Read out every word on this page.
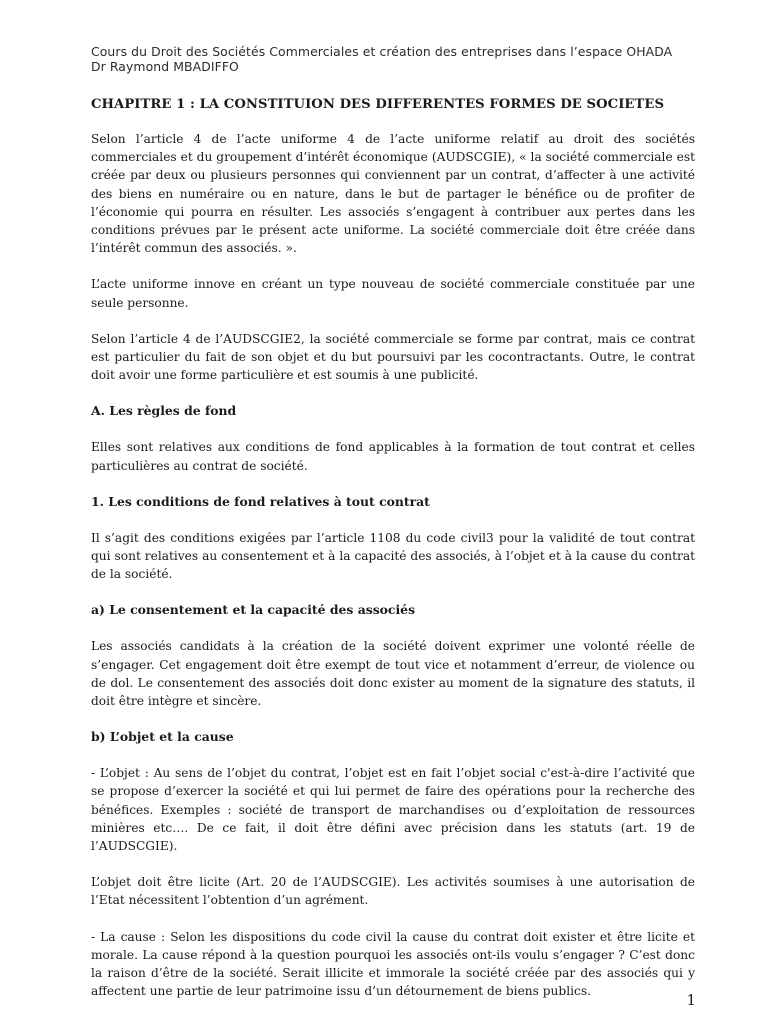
Cours du Droit des Sociétés Commerciales et création des entreprises dans l’espace OHADA
Dr Raymond MBADIFFO
CHAPITRE 1 : LA CONSTITUION DES DIFFERENTES FORMES DE SOCIETES

Selon l’article 4 de l’acte uniforme 4 de l’acte uniforme relatif au droit des sociétés commerciales et du groupement d’intérêt économique (AUDSCGIE), « la société commerciale est créée par deux ou plusieurs personnes qui conviennent par un contrat, d’affecter à une activité des biens en numéraire ou en nature, dans le but de partager le bénéfice ou de profiter de l’économie qui pourra en résulter. Les associés s’engagent à contribuer aux pertes dans les conditions prévues par le présent acte uniforme. La société commerciale doit être créée dans l’intérêt commun des associés. ».

L’acte uniforme innove en créant un type nouveau de société commerciale constituée par une seule personne.

Selon l’article 4 de l’AUDSCGIE2, la société commerciale se forme par contrat, mais ce contrat est particulier du fait de son objet et du but poursuivi par les cocontractants. Outre, le contrat doit avoir une forme particulière et est soumis à une publicité.

A. Les règles de fond

Elles sont relatives aux conditions de fond applicables à la formation de tout contrat et celles particulières au contrat de société.

1. Les conditions de fond relatives à tout contrat

Il s’agit des conditions exigées par l’article 1108 du code civil3 pour la validité de tout contrat qui sont relatives au consentement et à la capacité des associés, à l’objet et à la cause du contrat de la société.

a) Le consentement et la capacité des associés

Les associés candidats à la création de la société doivent exprimer une volonté réelle de s’engager. Cet engagement doit être exempt de tout vice et notamment d’erreur, de violence ou de dol. Le consentement des associés doit donc exister au moment de la signature des statuts, il doit être intègre et sincère.

b) L’objet et la cause

- L’objet : Au sens de l’objet du contrat, l’objet est en fait l’objet social c'est-à-dire l’activité que se propose d’exercer la société et qui lui permet de faire des opérations pour la recherche des bénéfices. Exemples : société de transport de marchandises ou d’exploitation de ressources minières etc…. De ce fait, il doit être défini avec précision dans les statuts (art. 19 de l’AUDSCGIE).

L’objet doit être licite (Art. 20 de l’AUDSCGIE). Les activités soumises à une autorisation de l’Etat nécessitent l’obtention d’un agrément.

- La cause : Selon les dispositions du code civil la cause du contrat doit exister et être licite et morale. La cause répond à la question pourquoi les associés ont-ils voulu s’engager ? C’est donc la raison d’être de la société. Serait illicite et immorale la société créée par des associés qui y affectent une partie de leur patrimoine issu d’un détournement de biens publics.	1
